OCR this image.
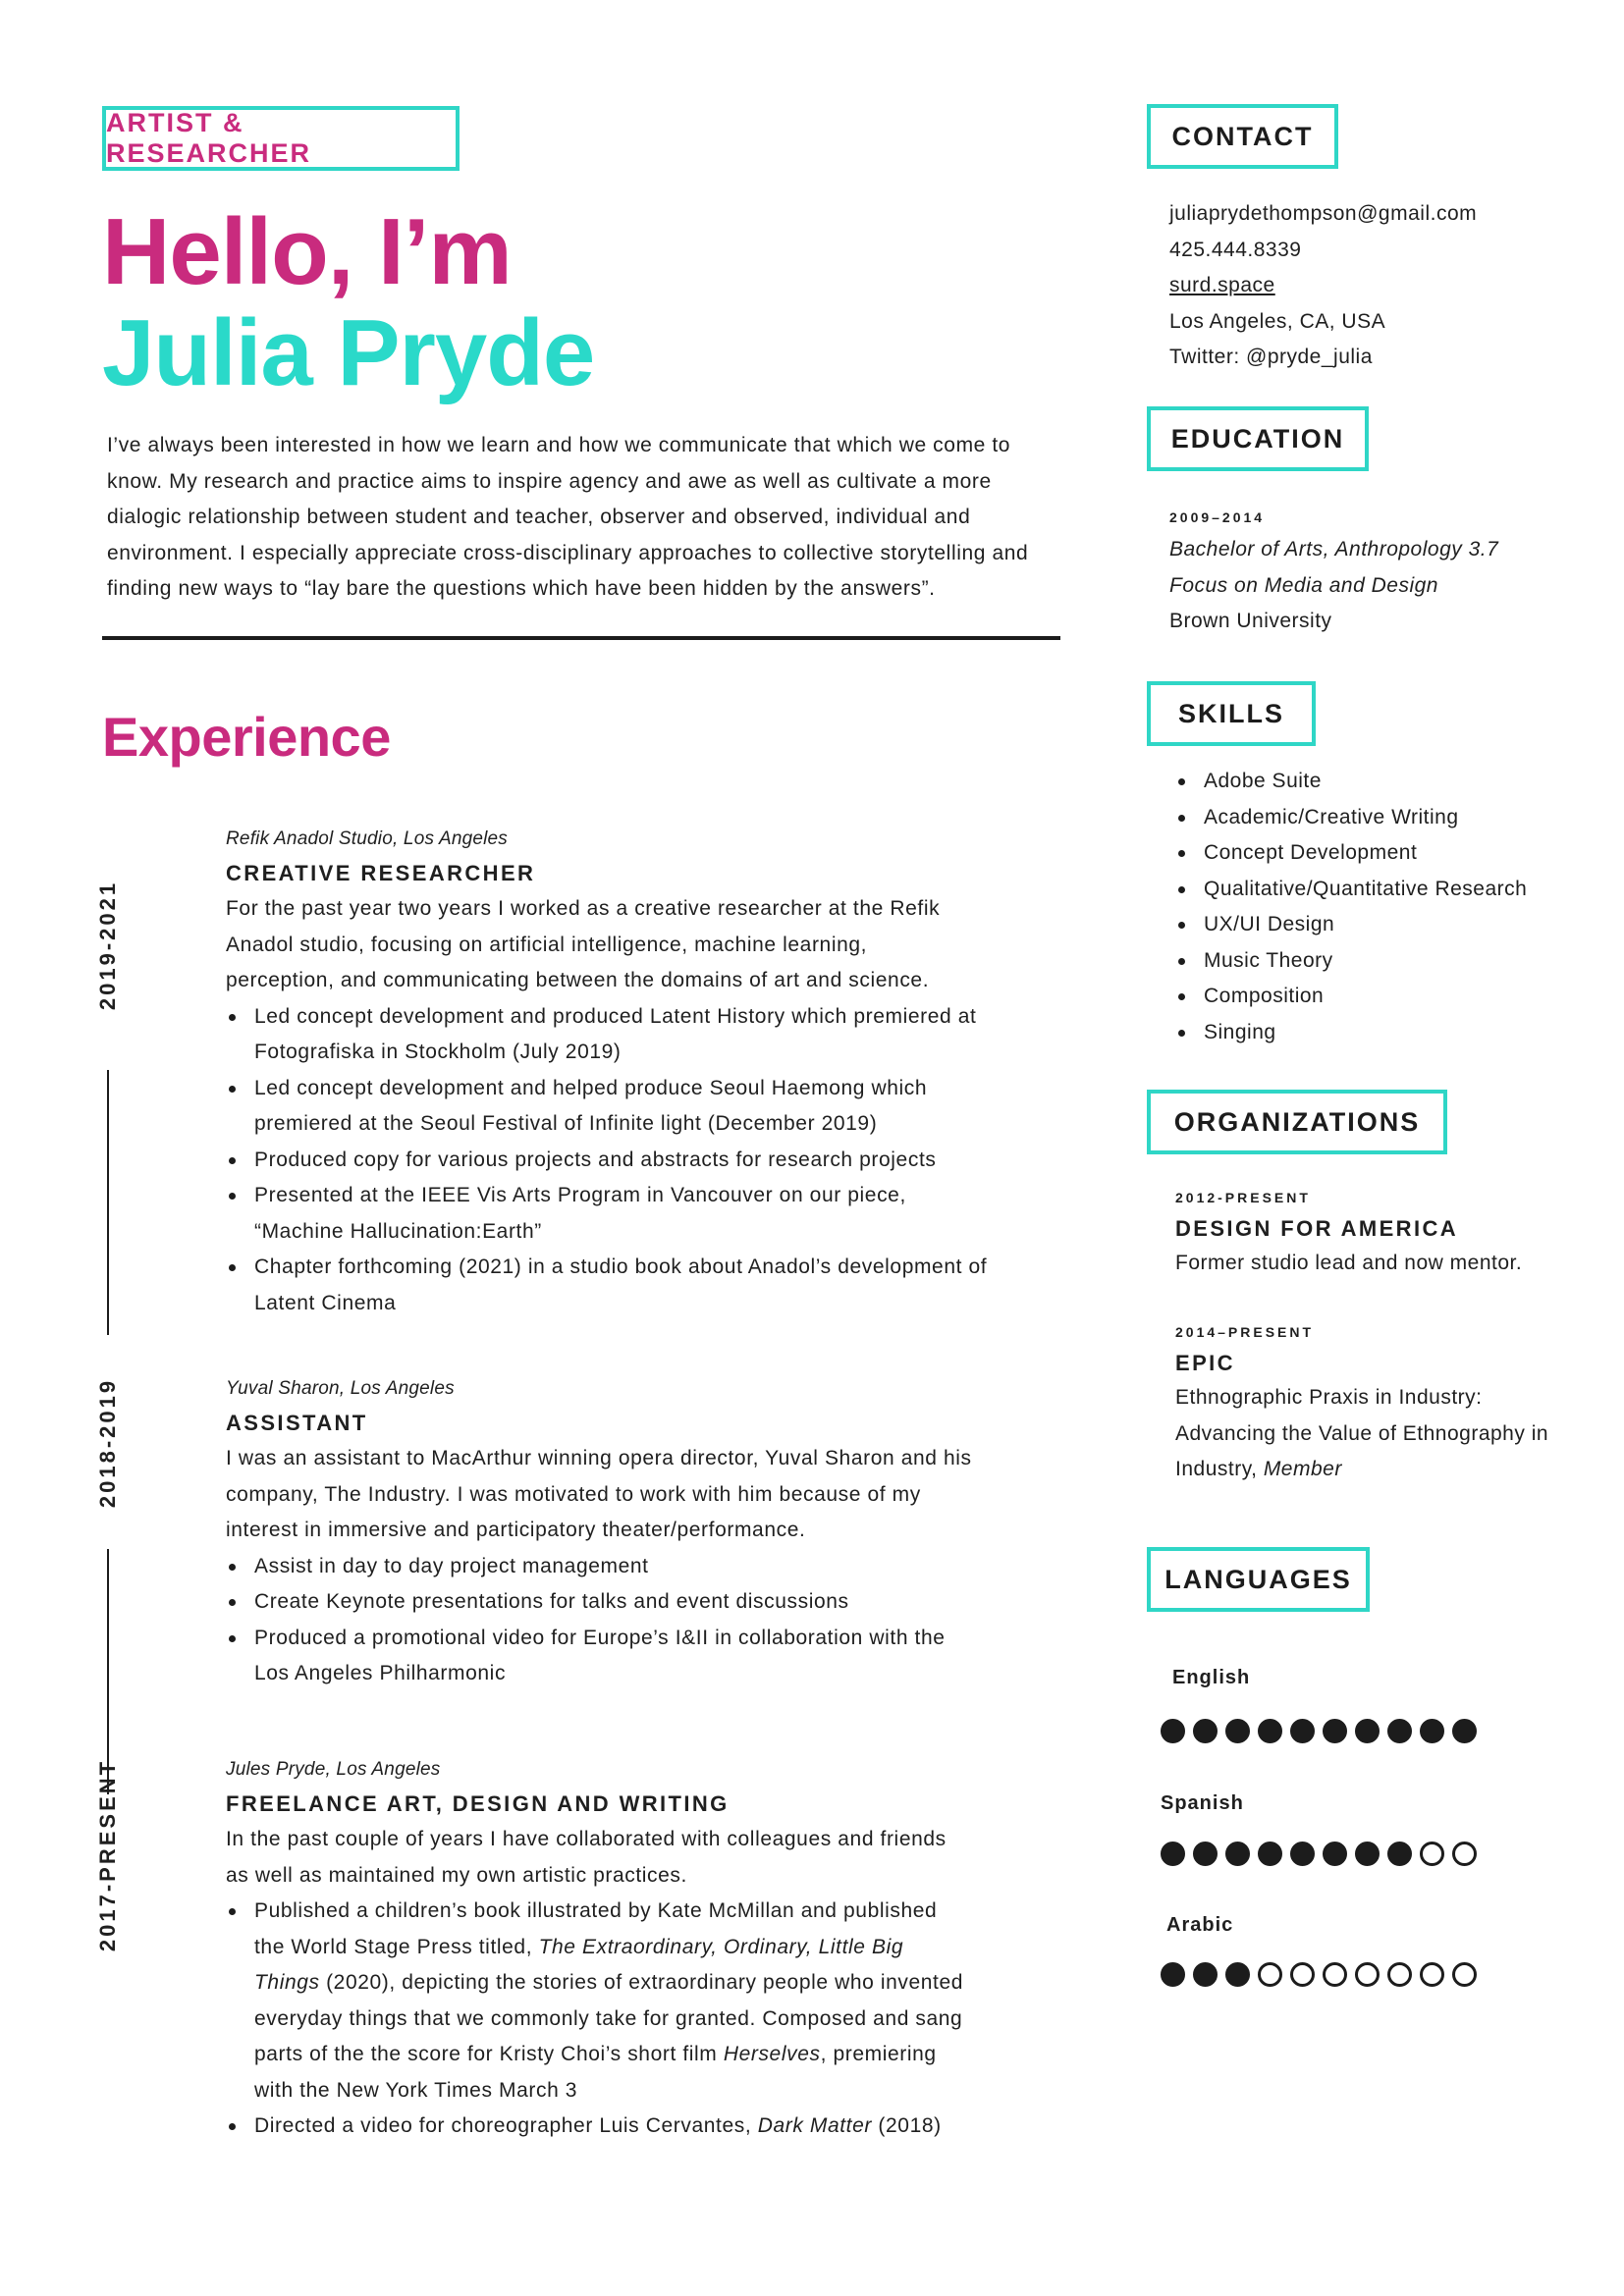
ARTIST & RESEARCHER
Hello, I’m
Julia Pryde
I’ve always been interested in how we learn and how we communicate that which we come to know. My research and practice aims to inspire agency and awe as well as cultivate a more dialogic relationship between student and teacher, observer and observed, individual and environment. I especially appreciate cross-disciplinary approaches to collective storytelling and finding new ways to “lay bare the questions which have been hidden by the answers”.
Experience
2019-2021
2018-2019
2017-PRESENT
Refik Anadol Studio, Los Angeles
CREATIVE RESEARCHER
For the past year two years I worked as a creative researcher at the Refik Anadol studio, focusing on artificial intelligence, machine learning, perception, and communicating between the domains of art and science.
Led concept development and produced Latent History which premiered at Fotografiska in Stockholm (July 2019)
Led concept development and helped produce Seoul Haemong which premiered at the Seoul Festival of Infinite light (December 2019)
Produced copy for various projects and abstracts for research projects
Presented at the IEEE Vis Arts Program in Vancouver on our piece, “Machine Hallucination:Earth”
Chapter forthcoming (2021) in a studio book about Anadol’s development of Latent Cinema
Yuval Sharon, Los Angeles
ASSISTANT
I was an assistant to MacArthur winning opera director, Yuval Sharon and his company, The Industry. I was motivated to work with him because of my interest in immersive and participatory theater/performance.
Assist in day to day project management
Create Keynote presentations for talks and event discussions
Produced a promotional video for Europe’s I&II in collaboration with the Los Angeles Philharmonic
Jules Pryde, Los Angeles
FREELANCE ART, DESIGN AND WRITING
In the past couple of years I have collaborated with colleagues and friends as well as maintained my own artistic practices.
Published a children’s book illustrated by Kate McMillan and published the World Stage Press titled, The Extraordinary, Ordinary, Little Big Things (2020), depicting the stories of extraordinary people who invented everyday things that we commonly take for granted. Composed and sang parts of the the score for Kristy Choi’s short film Herselves, premiering with the New York Times March 3
Directed a video for choreographer Luis Cervantes, Dark Matter (2018)
CONTACT
juliaprydethompson@gmail.com
425.444.8339
surd.space
Los Angeles, CA, USA
Twitter: @pryde_julia
EDUCATION
2009–2014
Bachelor of Arts, Anthropology 3.7
Focus on Media and Design
Brown University
SKILLS
Adobe Suite
Academic/Creative Writing
Concept Development
Qualitative/Quantitative Research
UX/UI Design
Music Theory
Composition
Singing
ORGANIZATIONS
2012-PRESENT
DESIGN FOR AMERICA
Former studio lead and now mentor.
2014–PRESENT
EPIC
Ethnographic Praxis in Industry: Advancing the Value of Ethnography in Industry, Member
LANGUAGES
English
Spanish
Arabic
